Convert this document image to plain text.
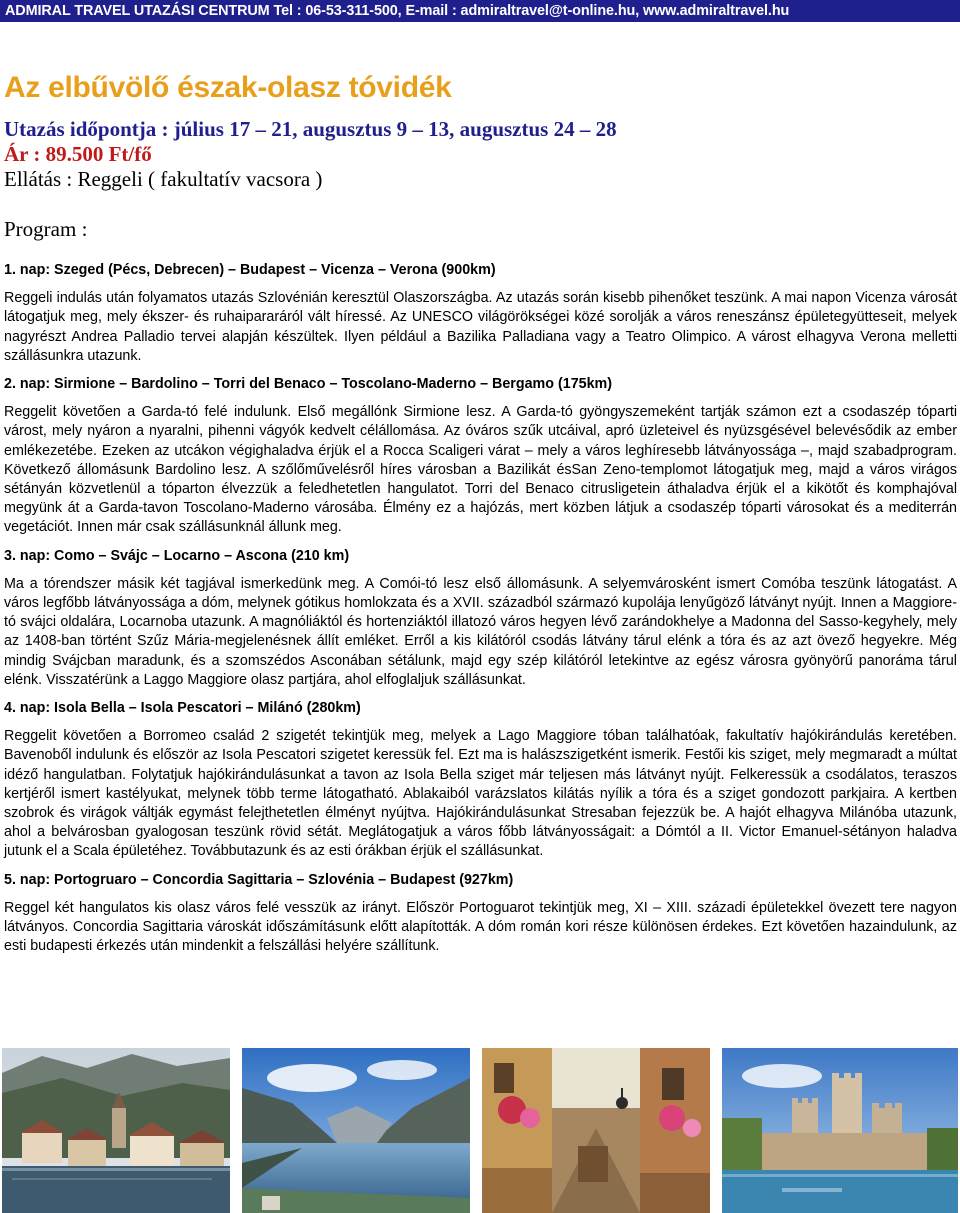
ADMIRAL TRAVEL UTAZÁSI CENTRUM Tel : 06-53-311-500, E-mail : admiraltravel@t-online.hu, www.admiraltravel.hu
Az elbűvölő észak-olasz tóvidék
Utazás időpontja : július 17 – 21, augusztus 9 – 13, augusztus 24 – 28
Ár : 89.500 Ft/fő
Ellátás : Reggeli ( fakultatív vacsora )
Program :
1. nap: Szeged (Pécs, Debrecen) – Budapest – Vicenza – Verona (900km)
Reggeli indulás után folyamatos utazás Szlovénián keresztül Olaszországba. Az utazás során kisebb pihenőket teszünk. A mai napon Vicenza városát látogatjuk meg, mely ékszer- és ruhaipararáról vált híressé. Az UNESCO világörökségei közé sorolják a város reneszánsz épületegyütteseit, melyek nagyrészt Andrea Palladio tervei alapján készültek. Ilyen például a Bazilika Palladiana vagy a Teatro Olimpico. A várost elhagyva Verona melletti szállásunkra utazunk.
2. nap: Sirmione – Bardolino – Torri del Benaco – Toscolano-Maderno – Bergamo (175km)
Reggelit követően a Garda-tó felé indulunk. Első megállónk Sirmione lesz. A Garda-tó gyöngyszemeként tartják számon ezt a csodaszép tóparti várost, mely nyáron a nyaralni, pihenni vágyók kedvelt célállomása. Az óváros szűk utcáival, apró üzleteivel és nyüzsgésével belevésődik az ember emlékezetébe. Ezeken az utcákon végighaladva érjük el a Rocca Scaligeri várat – mely a város leghíresebb látványossága –, majd szabadprogram. Következő állomásunk Bardolino lesz. A szőlőművelésről híres városban a Bazilikát ésSan Zeno-templomot látogatjuk meg, majd a város virágos sétányán közvetlenül a tóparton élvezzük a feledhetetlen hangulatot. Torri del Benaco citrusligetein áthaladva érjük el a kikötőt és komphajóval megyünk át a Garda-tavon Toscolano-Maderno városába. Élmény ez a hajózás, mert közben látjuk a csodaszép tóparti városokat és a mediterrán vegetációt. Innen már csak szállásunknál állunk meg.
3. nap: Como – Svájc – Locarno – Ascona (210 km)
Ma a tórendszer másik két tagjával ismerkedünk meg. A Comói-tó lesz első állomásunk. A selyemvárosként ismert Comóba teszünk látogatást. A város legfőbb látványossága a dóm, melynek gótikus homlokzata és a XVII. századból származó kupolája lenyűgöző látványt nyújt. Innen a Maggiore-tó svájci oldalára, Locarnoba utazunk. A magnóliáktól és hortenziáktól illatozó város hegyen lévő zarándokhelye a Madonna del Sasso-kegyhely, mely az 1408-ban történt Szűz Mária-megjelenésnek állít emléket. Erről a kis kilátóról csodás látvány tárul elénk a tóra és az azt övező hegyekre. Még mindig Svájcban maradunk, és a szomszédos Asconában sétálunk, majd egy szép kilátóról letekintve az egész városra gyönyörű panoráma tárul elénk. Visszatérünk a Laggo Maggiore olasz partjára, ahol elfoglaljuk szállásunkat.
4. nap: Isola Bella – Isola Pescatori – Milánó (280km)
Reggelit követően a Borromeo család 2 szigetét tekintjük meg, melyek a Lago Maggiore tóban találhatóak, fakultatív hajókirándulás keretében. Bavenoből indulunk és először az Isola Pescatori szigetet keressük fel. Ezt ma is halászszigetként ismerik. Festői kis sziget, mely megmaradt a múltat idéző hangulatban. Folytatjuk hajókirándulásunkat a tavon az Isola Bella sziget már teljesen más látványt nyújt. Felkeressük a csodálatos, teraszos kertjéről ismert kastélyukat, melynek több terme látogatható. Ablakaiból varázslatos kilátás nyílik a tóra és a sziget gondozott parkjaira. A kertben szobrok és virágok váltják egymást felejthetetlen élményt nyújtva. Hajókirándulásunkat Stresaban fejezzük be. A hajót elhagyva Milánóba utazunk, ahol a belvárosban gyalogosan teszünk rövid sétát. Meglátogatjuk a város főbb látványosságait: a Dómtól a II. Victor Emanuel-sétányon haladva jutunk el a Scala épületéhez. Továbbutazunk és az esti órákban érjük el szállásunkat.
5. nap: Portogruaro – Concordia Sagittaria – Szlovénia – Budapest (927km)
Reggel két hangulatos kis olasz város felé vesszük az irányt. Először Portoguarot tekintjük meg, XI – XIII. századi épületekkel övezett tere nagyon látványos. Concordia Sagittaria városkát időszámításunk előtt alapították. A dóm román kori része különösen érdekes. Ezt követően hazaindulunk, az esti budapesti érkezés után mindenkit a felszállási helyére szállítunk.
